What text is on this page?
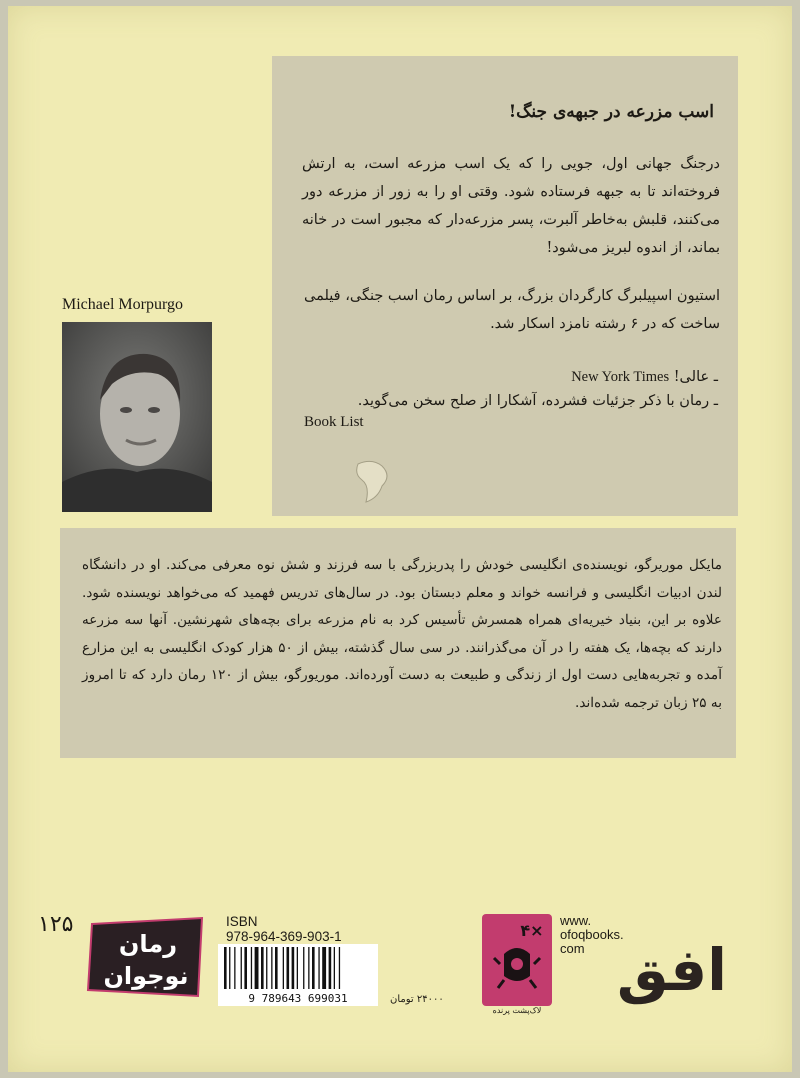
اسب مزرعه در جبهه‌ی جنگ!
درجنگ جهانی اول، جویی را که یک اسب مزرعه است، به ارتش فروخته‌اند تا به جبهه فرستاده شود. وقتی او را به زور از مزرعه دور می‌کنند، قلبش به‌خاطر آلبرت، پسر مزرعه‌دار که مجبور است در خانه بماند، از اندوه لبریز می‌شود!
استیون اسپیلبرگ کارگردان بزرگ، بر اساس رمان اسب جنگی، فیلمی ساخت که در ۶ رشته نامزد اسکار شد.
ـ عالی! New York Times
ـ رمان با ذکر جزئیات فشرده، آشکارا از صلح سخن می‌گوید.
Book List
Michael Morpurgo
مایکل موریرگو، نویسنده‌ی انگلیسی خودش را پدربزرگی با سه فرزند و شش نوه معرفی می‌کند. او در دانشگاه لندن ادبیات انگلیسی و فرانسه خواند و معلم دبستان بود. در سال‌های تدریس فهمید که می‌خواهد نویسنده شود. علاوه بر این، بنیاد خیریه‌ای همراه همسرش تأسیس کرد به نام مزرعه برای بچه‌های شهرنشین. آنها سه مزرعه دارند که بچه‌ها، یک هفته را در آن می‌گذرانند. در سی سال گذشته، بیش از ۵۰ هزار کودک انگلیسی به این مزارع آمده و تجربه‌هایی دست اول از زندگی و طبیعت به دست آورده‌اند. موریورگو، بیش از ۱۲۰ رمان دارد که تا امروز به ۲۵ زبان ترجمه شده‌اند.
۱۲۵
رمان
نوجوان
ISBN
978-964-369-903-1
9 789643 699031	۲۴۰۰۰ تومان
۴×
لاک‌پشت پرنده
www.
ofoqbooks.
com افق
